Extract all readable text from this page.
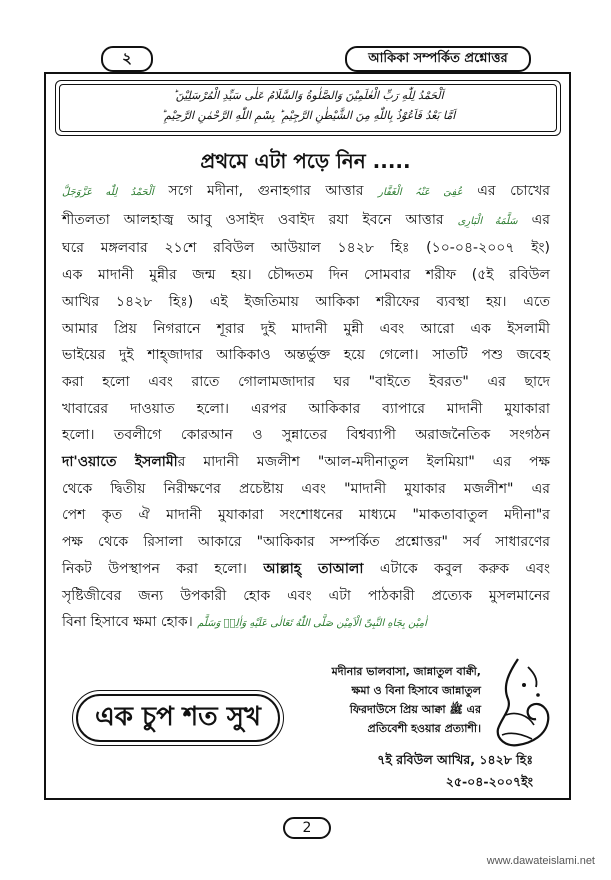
২	আকিকা সম্পর্কিত প্রশ্নোত্তর
اَلْحَمْدُ لِلّٰهِ رَبِّ الْعٰلَمِیْنَ وَالصَّلٰوةُ وَالسَّلَامُ عَلٰی سَیِّدِ الْمُرْسَلِیْنَ ؕ
اَمَّا بَعْدُ فَاَعُوْذُ بِاللّٰهِ مِنَ الشَّیْطٰنِ الرَّجِیْمِ ؕ بِسْمِ اللّٰهِ الرَّحْمٰنِ الرَّحِیْمِ ؕ
প্রথমে এটা পড়ে নিন .....
اَلْحَمْدُ لِلّٰه عَزَّوَجَلَّ সগে মদীনা, গুনাহগার আত্তার عُفِیَ عَنْہُ الْغَفَّار এর চোখের
শীতলতা আলহাজ্ব আবু ওসাইদ ওবাইদ রযা ইবনে আত্তার سَلَّمَهُ الْبَارِی এর
ঘরে মঙ্গলবার ২১শে রবিউল আউয়াল ১৪২৮ হিঃ (১০-০৪-২০০৭ ইং)
এক মাদানী মুন্নীর জন্ম হয়। চৌদ্দতম দিন সোমবার শরীফ (৫ই রবিউল
আখির ১৪২৮ হিঃ) এই ইজতিমায় আকিকা শরীফের ব্যবস্থা হয়। এতে
আমার প্রিয় নিগরানে শূরার দুই মাদানী মুন্নী এবং আরো এক ইসলামী
ভাইয়ের দুই শাহ্‌জাদার আকিকাও অন্তর্ভুক্ত হয়ে গেলো। সাতটি পশু জবেহ
করা হলো এবং রাতে গোলামজাদার ঘর "বাইতে ইবরত" এর ছাদে
খাবারের দাওয়াত হলো। এরপর আকিকার ব্যাপারে মাদানী মুযাকারা
হলো। তবলীগে কোরআন ও সুন্নাতের বিশ্বব্যাপী অরাজনৈতিক সংগঠন
দা'ওয়াতে ইসলামীর মাদানী মজলীশ "আল-মদীনাতুল ইলমিয়া" এর পক্ষ
থেকে দ্বিতীয় নিরীক্ষণের প্রচেষ্টায় এবং "মাদানী মুযাকার মজলীশ" এর
পেশ কৃত ঐ মাদানী মুযাকারা সংশোধনের মাধ্যমে "মাকতাবাতুল মদীনা"র
পক্ষ থেকে রিসালা আকারে "আকিকার সম্পর্কিত প্রশ্নোত্তর" সর্ব সাধারণের
নিকট উপস্থাপন করা হলো। আল্লাহ্ তাআলা এটাকে কবুল করুক এবং
সৃষ্টিজীবের জন্য উপকারী হোক এবং এটা পাঠকারী প্রত্যেক মুসলমানের
বিনা হিসাবে ক্ষমা হোক। اٰمِیْن بِجَاهِ النَّبِیِّ الْاَمِیْن صَلَّی اللّٰهُ تَعَالٰی عَلَیْهِ وَاٰلِهٖ وَسَلَّم
এক চুপ শত সুখ
মদীনার ভালবাসা, জান্নাতুল বাক্বী,
ক্ষমা ও বিনা হিসাবে জান্নাতুল
ফিরদাউসে প্রিয় আক্বা ﷺ এর
প্রতিবেশী হওয়ার প্রত্যাশী।
৭ই রবিউল আখির, ১৪২৮ হিঃ
২৫-০৪-২০০৭ইং
2
www.dawateislami.net
